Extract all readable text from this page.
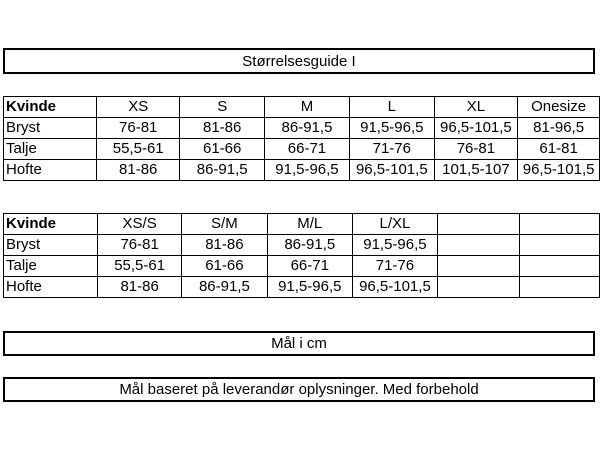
Størrelsesguide I
Kvinde	XS	S	M	L	XL	Onesize
Bryst	76-81	81-86	86-91,5	91,5-96,5	96,5-101,5	81-96,5
Talje	55,5-61	61-66	66-71	71-76	76-81	61-81
Hofte	81-86	86-91,5	91,5-96,5	96,5-101,5	101,5-107	96,5-101,5
Kvinde	XS/S	S/M	M/L	L/XL		
Bryst	76-81	81-86	86-91,5	91,5-96,5		
Talje	55,5-61	61-66	66-71	71-76		
Hofte	81-86	86-91,5	91,5-96,5	96,5-101,5		
Mål i cm
Mål baseret på leverandør oplysninger. Med forbehold
